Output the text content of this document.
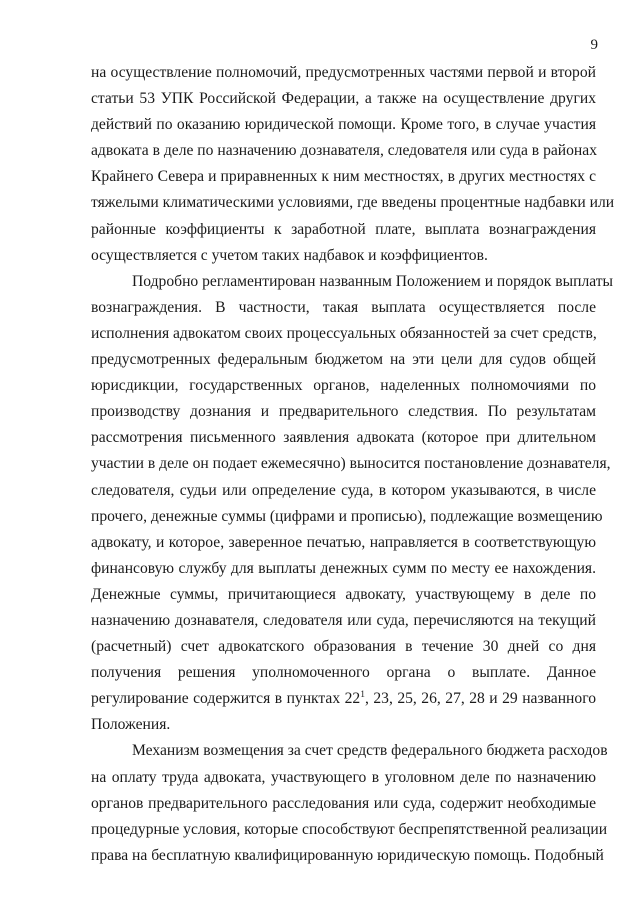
9
на осуществление полномочий, предусмотренных частями первой и второй
статьи 53 УПК Российской Федерации, а также на осуществление других
действий по оказанию юридической помощи. Кроме того, в случае участия
адвоката в деле по назначению дознавателя, следователя или суда в районах
Крайнего Севера и приравненных к ним местностях, в других местностях с
тяжелыми климатическими условиями, где введены процентные надбавки или
районные коэффициенты к заработной плате, выплата вознаграждения
осуществляется с учетом таких надбавок и коэффициентов.
Подробно регламентирован названным Положением и порядок выплаты
вознаграждения. В частности, такая выплата осуществляется после
исполнения адвокатом своих процессуальных обязанностей за счет средств,
предусмотренных федеральным бюджетом на эти цели для судов общей
юрисдикции, государственных органов, наделенных полномочиями по
производству дознания и предварительного следствия. По результатам
рассмотрения письменного заявления адвоката (которое при длительном
участии в деле он подает ежемесячно) выносится постановление дознавателя,
следователя, судьи или определение суда, в котором указываются, в числе
прочего, денежные суммы (цифрами и прописью), подлежащие возмещению
адвокату, и которое, заверенное печатью, направляется в соответствующую
финансовую службу для выплаты денежных сумм по месту ее нахождения.
Денежные суммы, причитающиеся адвокату, участвующему в деле по
назначению дознавателя, следователя или суда, перечисляются на текущий
(расчетный) счет адвокатского образования в течение 30 дней со дня
получения решения уполномоченного органа о выплате. Данное
регулирование содержится в пунктах $22^1$, 23, 25, 26, 27, 28 и 29 названного
Положения.
Механизм возмещения за счет средств федерального бюджета расходов
на оплату труда адвоката, участвующего в уголовном деле по назначению
органов предварительного расследования или суда, содержит необходимые
процедурные условия, которые способствуют беспрепятственной реализации
права на бесплатную квалифицированную юридическую помощь. Подобный
